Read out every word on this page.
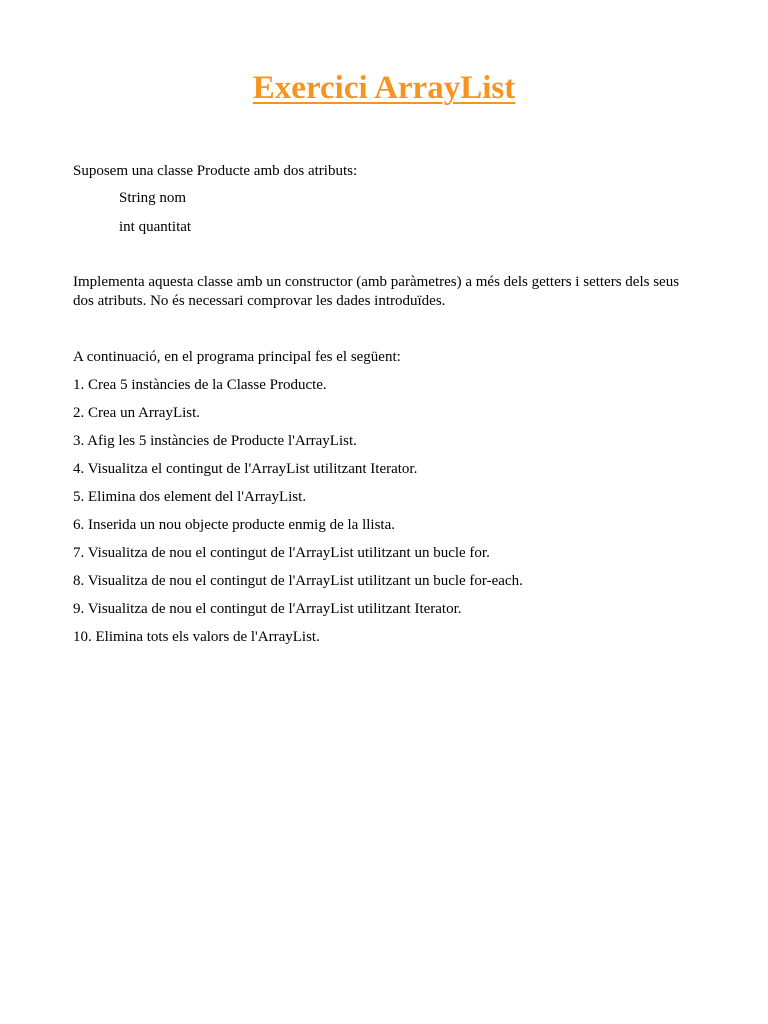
Exercici ArrayList

Suposem una classe Producte amb dos atributs:

String nom

int quantitat

Implementa aquesta classe amb un constructor (amb paràmetres) a més dels getters i setters dels seus dos atributs. No és necessari comprovar les dades introduïdes.

A continuació, en el programa principal fes el següent:

1. Crea 5 instàncies de la Classe Producte.
2. Crea un ArrayList.
3. Afig les 5 instàncies de Producte l'ArrayList.
4. Visualitza el contingut de l'ArrayList utilitzant Iterator.
5. Elimina dos element del l'ArrayList.
6. Inserida un nou objecte producte enmig de la llista.
7. Visualitza de nou el contingut de l'ArrayList utilitzant un bucle for.
8. Visualitza de nou el contingut de l'ArrayList utilitzant un bucle for-each.
9. Visualitza de nou el contingut de l'ArrayList utilitzant Iterator.
10. Elimina tots els valors de l'ArrayList.
